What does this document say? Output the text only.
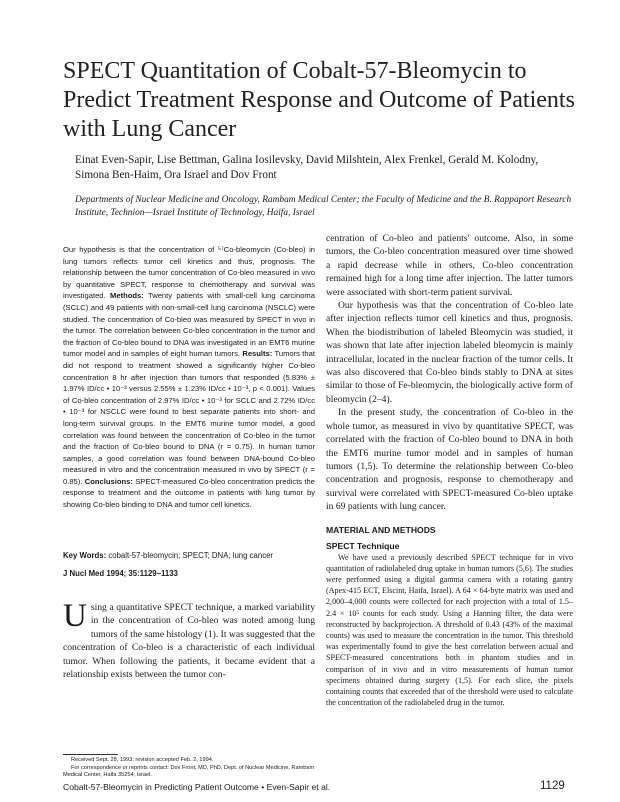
SPECT Quantitation of Cobalt-57-Bleomycin to Predict Treatment Response and Outcome of Patients with Lung Cancer
Einat Even-Sapir, Lise Bettman, Galina Iosilevsky, David Milshtein, Alex Frenkel, Gerald M. Kolodny, Simona Ben-Haim, Ora Israel and Dov Front
Departments of Nuclear Medicine and Oncology, Rambam Medical Center; the Faculty of Medicine and the B. Rappaport Research Institute, Technion—Israel Institute of Technology, Haifa, Israel
Our hypothesis is that the concentration of ⁵⁷Co-bleomycin (Co-bleo) in lung tumors reflects tumor cell kinetics and thus, prognosis. The relationship between the tumor concentration of Co-bleo measured in vivo by quantitative SPECT, response to chemotherapy and survival was investigated. Methods: Twenty patients with small-cell lung carcinoma (SCLC) and 49 patients with non-small-cell lung carcinoma (NSCLC) were studied. The concentration of Co-bleo was measured by SPECT in vivo in the tumor. The correlation between Co-bleo concentration in the tumor and the fraction of Co-bleo bound to DNA was investigated in an EMT6 murine tumor model and in samples of eight human tumors. Results: Tumors that did not respond to treatment showed a significantly higher Co-bleo concentration 8 hr after injection than tumors that responded (5.83% ± 1.97% ID/cc • 10⁻³ versus 2.55% ± 1.23% ID/cc • 10⁻³, p < 0.001). Values of Co-bleo concentration of 2.97% ID/cc • 10⁻³ for SCLC and 2.72% ID/cc • 10⁻³ for NSCLC were found to best separate patients into short- and long-term survival groups. In the EMT6 murine tumor model, a good correlation was found between the concentration of Co-bleo in the tumor and the fraction of Co-bleo bound to DNA (r = 0.75). In human tumor samples, a good correlation was found between DNA-bound Co-bleo measured in vitro and the concentration measured in vivo by SPECT (r = 0.85). Conclusions: SPECT-measured Co-bleo concentration predicts the response to treatment and the outcome in patients with lung tumor by showing Co-bleo binding to DNA and tumor cell kinetics.
Key Words: cobalt-57-bleomycin; SPECT; DNA; lung cancer
J Nucl Med 1994; 35:1129–1133
U sing a quantitative SPECT technique, a marked variability in the concentration of Co-bleo was noted among lung tumors of the same histology (1). It was suggested that the concentration of Co-bleo is a characteristic of each individual tumor. When following the patients, it became evident that a relationship exists between the tumor con-
Received Sept. 28, 1993; revision accepted Feb. 2, 1994.
For correspondence or reprints contact: Dov Front, MD, PhD, Dept. of Nuclear Medicine, Rambam Medical Center, Haifa 35254, Israel.

centration of Co-bleo and patients' outcome. Also, in some tumors, the Co-bleo concentration measured over time showed a rapid decrease while in others, Co-bleo concentration remained high for a long time after injection. The latter tumors were associated with short-term patient survival.

Our hypothesis was that the concentration of Co-bleo late after injection reflects tumor cell kinetics and thus, prognosis. When the biodistribution of labeled Bleomycin was studied, it was shown that late after injection labeled bleomycin is mainly intracellular, located in the nuclear fraction of the tumor cells. It was also discovered that Co-bleo binds stably to DNA at sites similar to those of Fe-bleomycin, the biologically active form of bleomycin (2–4).

In the present study, the concentration of Co-bleo in the whole tumor, as measured in vivo by quantitative SPECT, was correlated with the fraction of Co-bleo bound to DNA in both the EMT6 murine tumor model and in samples of human tumors (1,5). To determine the relationship between Co-bleo concentration and prognosis, response to chemotherapy and survival were correlated with SPECT-measured Co-bleo uptake in 69 patients with lung cancer.

MATERIAL AND METHODS

SPECT Technique

We have used a previously described SPECT technique for in vivo quantitation of radiolabeled drug uptake in human tumors (5,6). The studies were performed using a digital gamma camera with a rotating gantry (Apex-415 ECT, Elscint, Haifa, Israel). A 64 × 64-byte matrix was used and 2,000–4,000 counts were collected for each projection with a total of 1.5–2.4 × 10⁵ counts for each study. Using a Hanning filter, the data were reconstructed by backprojection. A threshold of 0.43 (43% of the maximal counts) was used to measure the concentration in the tumor. This threshold was experimentally found to give the best correlation between actual and SPECT-measured concentrations both in phantom studies and in comparison of in vivo and in vitro measurements of human tumor specimens obtained during surgery (1,5). For each slice, the pixels containing counts that exceeded that of the threshold were used to calculate the concentration of the radiolabeled drug in the tumor.

Cobalt-57-Bleomycin in Predicting Patient Outcome • Even-Sapir et al.	1129
